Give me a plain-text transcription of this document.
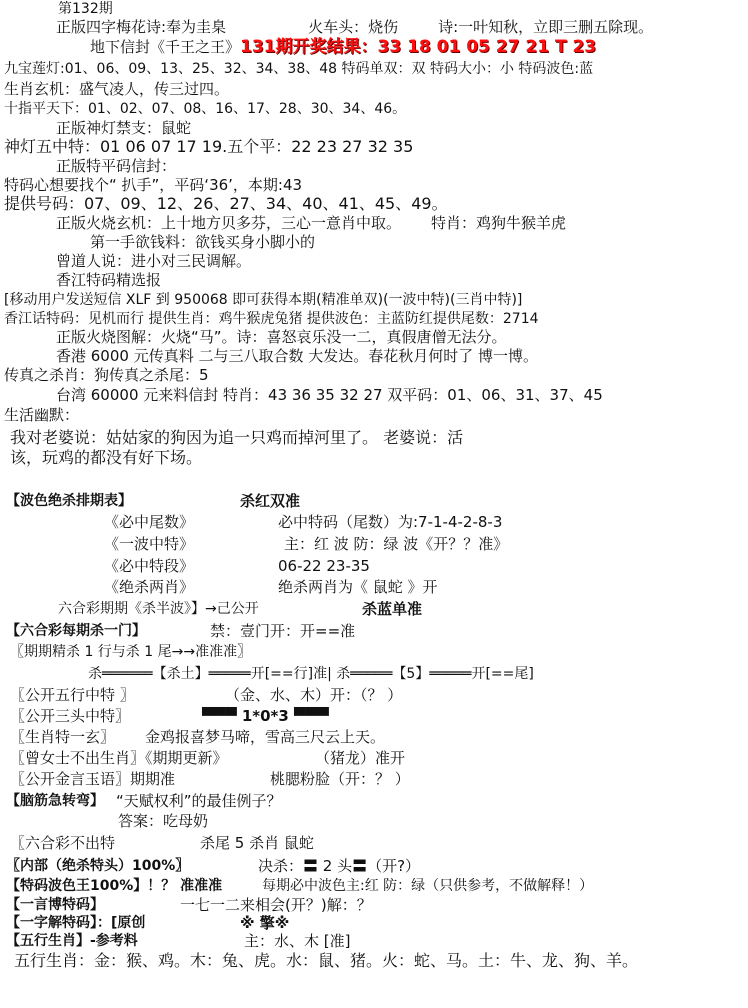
第132期
正版四字梅花诗:奉为圭臬	火车头：烧伤	诗:一叶知秋，立即三删五除现。
地下信封《千王之王》131期开奖结果：33 18 01 05 27 21 T 23
九宝莲灯:01、06、09、13、25、32、34、38、48 特码单双：双 特码大小：小 特码波色:蓝
生肖玄机：盛气凌人，传三过四。
十指平天下：01、02、07、08、16、17、28、30、34、46。
正版神灯禁支：鼠蛇
神灯五中特：01 06 07 17 19.五个平：22 23 27 32 35
正版特平码信封：
特码心想要找个“ 扒手”，平码‘36’，本期:43
提供号码：07、09、12、26、27、34、40、41、45、49。
正版火烧玄机：上十地方贝多芬，三心一意肖中取。 特肖：鸡狗牛猴羊虎
第一手欲钱料：欲钱买身小脚小的
曾道人说：进小对三民调解。
香江特码精选报
[移动用户发送短信 XLF 到 950068 即可获得本期(精准单双)(一波中特)(三肖中特)]
香江话特码：见机而行 提供生肖：鸡牛猴虎兔猪 提供波色：主蓝防红提供尾数：2714
正版火烧图解：火烧“马”。诗：喜怒哀乐没一二，真假唐僧无法分。
香港 6000 元传真料 二与三八取合数 大发达。春花秋月何时了 博一博。
传真之杀肖：狗传真之杀尾：5
台湾 60000 元来料信封 特肖：43 36 35 32 27 双平码：01、06、31、37、45
生活幽默：
我对老婆说：姑姑家的狗因为追一只鸡而掉河里了。 老婆说：活
该，玩鸡的都没有好下场。
【波色绝杀排期表】	杀红双准
《必中尾数》	必中特码（尾数）为:7-1-4-2-8-3
《一波中特》	主：红 波 防：绿 波《开？？准》
《必中特段》	06-22 23-35
《绝杀两肖》	绝杀两肖为《 鼠蛇 》开
六合彩期期《杀半波》】→己公开	杀蓝单准
【六合彩每期杀一门】	禁：壹门开：开==准
〖期期精杀 1 行与杀 1 尾→→准准准〗
杀══════【杀土】═════开[==行]准| 杀═════【5】═════开[==尾]
〖公开五行中特 〗	（金、水、木）开：（？ ）
〖公开三头中特〗	▀▀▀ 1*0*3 ▀▀▀
〖生肖特一玄〗 金鸡报喜梦马啼，雪高三尺云上天。
〖曾女士不出生肖〗《期期更新》	（猪龙）准开
〖公开金言玉语〗期期准	桃腮粉脸（开：？ ）
【脑筋急转弯】 “天赋权利”的最佳例子？
答案：吃母奶
〖六合彩不出特	杀尾 5 杀肖 鼠蛇
〖内部（绝杀特头）100%〗	决杀：〓 2 头〓（开?）
【特码波色王100%】！？ 准准准	每期必中波色主:红 防：绿（只供参考，不做解释！）
【一言博特码】	一七一二来相会(开？)解：？
【一字解特码】：[原创	※ 擎※
【五行生肖】-参考料	主：水、木 [准]
五行生肖：金：猴、鸡。木：兔、虎。水：鼠、猪。火：蛇、马。土：牛、龙、狗、羊。
